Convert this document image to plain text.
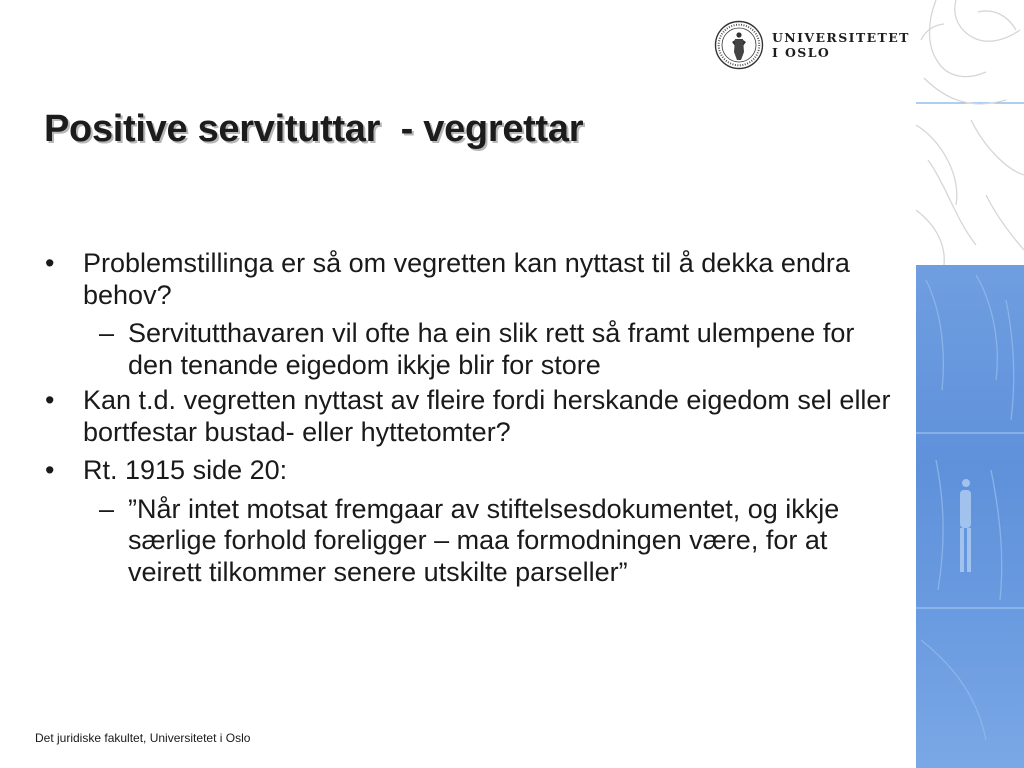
UNIVERSITETET
I OSLO
Positive servituttar  - vegrettar
• Problemstillinga er så om vegretten kan nyttast til å dekka endra behov?
– Servitutthavaren vil ofte ha ein slik rett så framt ulempene for den tenande eigedom ikkje blir for store
• Kan t.d. vegretten nyttast av fleire fordi herskande eigedom sel eller bortfestar bustad- eller hyttetomter?
• Rt. 1915 side 20:
– ”Når intet motsat fremgaar av stiftelsesdokumentet, og ikkje særlige forhold foreligger – maa formodningen være, for at veirett tilkommer senere utskilte parseller”
Det juridiske fakultet, Universitetet i Oslo
